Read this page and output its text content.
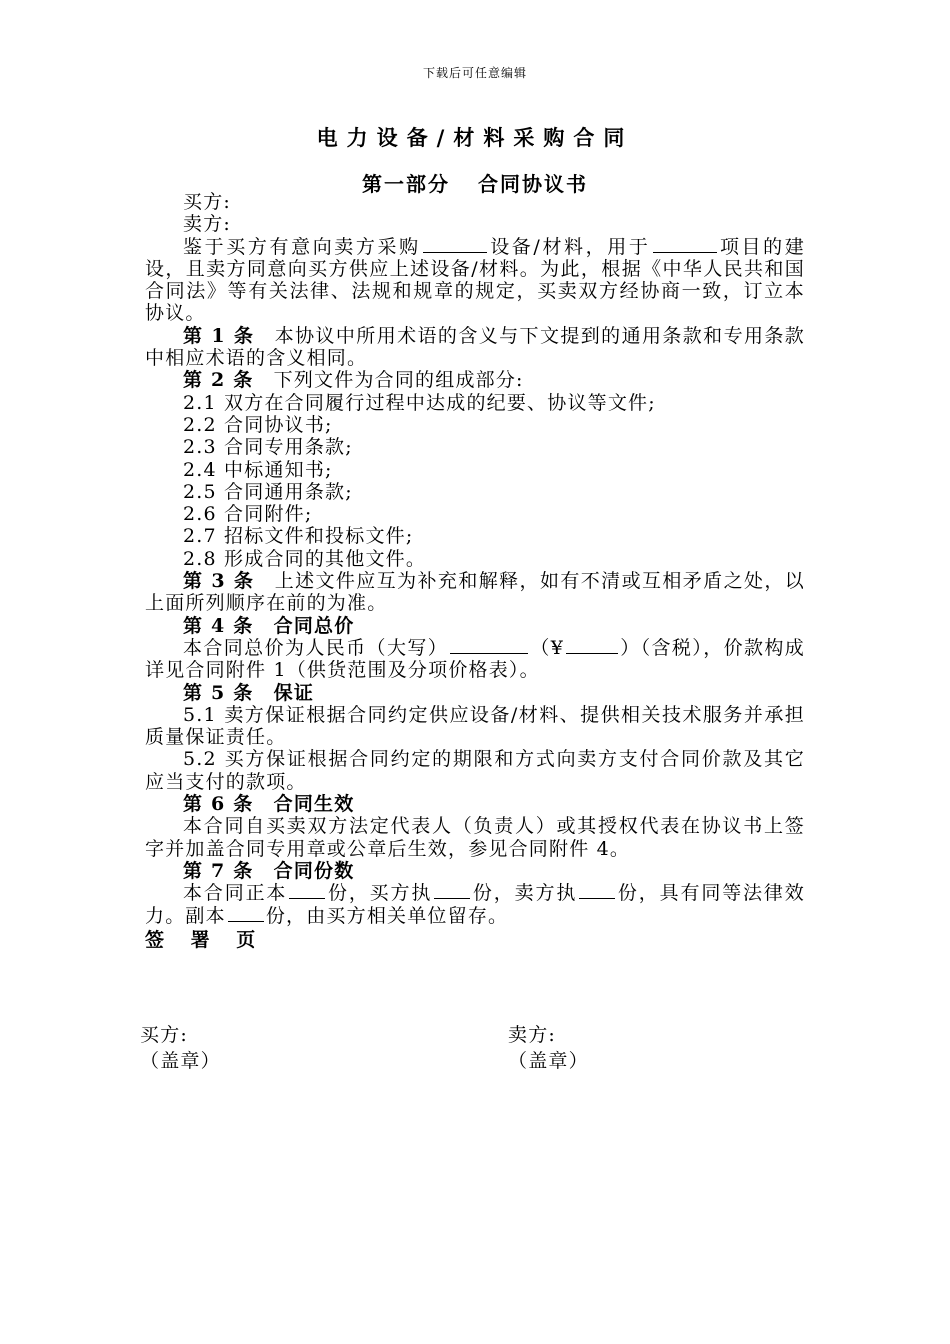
下载后可任意编辑
电力设备/材料采购合同
第一部分 合同协议书

买方:

卖方:

鉴于买方有意向卖方采购	设备/材料，用于	项目的建设，且卖方同意向买方供应上述设备/材料。为此，根据《中华人民共和国合同法》等有关法律、法规和规章的规定，买卖双方经协商一致，订立本协议。

第 1 条　 本协议中所用术语的含义与下文提到的通用条款和专用条款中相应术语的含义相同。

第 2 条　 下列文件为合同的组成部分:

2.1 双方在合同履行过程中达成的纪要、协议等文件;

2.2 合同协议书;

2.3 合同专用条款;

2.4 中标通知书;

2.5 合同通用条款;

2.6 合同附件;

2.7 招标文件和投标文件;

2.8 形成合同的其他文件。

第 3 条　 上述文件应互为补充和解释，如有不清或互相矛盾之处，以上面所列顺序在前的为准。

第 4 条　合同总价

本合同总价为人民币（大写）	（¥	）（含税），价款构成详见合同附件 1（供货范围及分项价格表）。

第 5 条　保证

5.1 卖方保证根据合同约定供应设备/材料、提供相关技术服务并承担质量保证责任。

5.2 买方保证根据合同约定的期限和方式向卖方支付合同价款及其它应当支付的款项。

第 6 条　合同生效

本合同自买卖双方法定代表人（负责人）或其授权代表在协议书上签字并加盖合同专用章或公章后生效，参见合同附件 4。

第 7 条　合同份数

本合同正本 份，买方执 份，卖方执 份，具有同等法律效力。副本 份，由买方相关单位留存。

签 署 页

买方:
（盖章）
卖方:
（盖章）
